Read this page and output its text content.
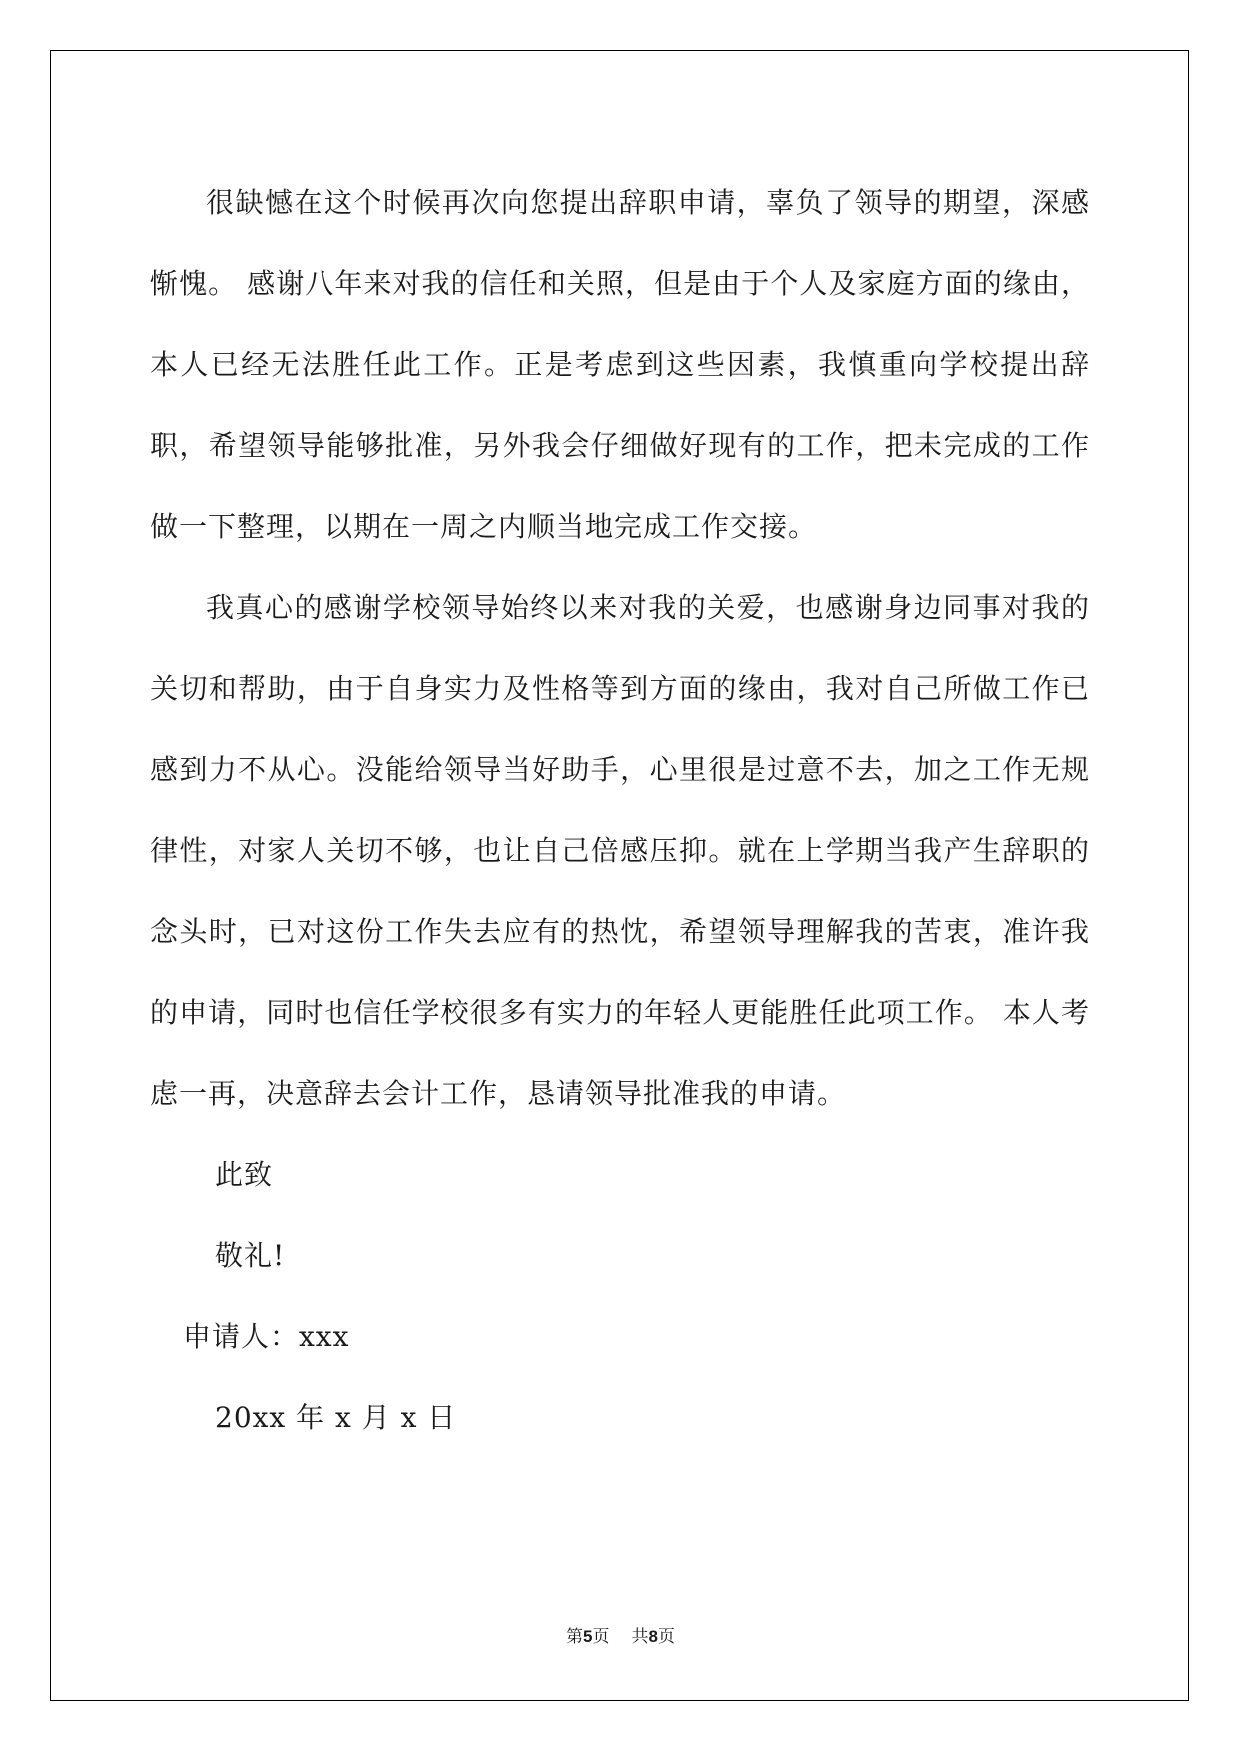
很缺憾在这个时候再次向您提出辞职申请，辜负了领导的期望，深感惭愧。 感谢八年来对我的信任和关照，但是由于个人及家庭方面的缘由，本人已经无法胜任此工作。正是考虑到这些因素，我慎重向学校提出辞职，希望领导能够批准，另外我会仔细做好现有的工作，把未完成的工作做一下整理，以期在一周之内顺当地完成工作交接。

我真心的感谢学校领导始终以来对我的关爱，也感谢身边同事对我的关切和帮助，由于自身实力及性格等到方面的缘由，我对自己所做工作已感到力不从心。没能给领导当好助手，心里很是过意不去，加之工作无规律性，对家人关切不够，也让自己倍感压抑。就在上学期当我产生辞职的念头时，已对这份工作失去应有的热忱，希望领导理解我的苦衷，准许我的申请，同时也信任学校很多有实力的年轻人更能胜任此项工作。 本人考虑一再，决意辞去会计工作，恳请领导批准我的申请。

此致

敬礼!

申请人：xxx

20xx 年 x 月 x 日

第5页 共8页
